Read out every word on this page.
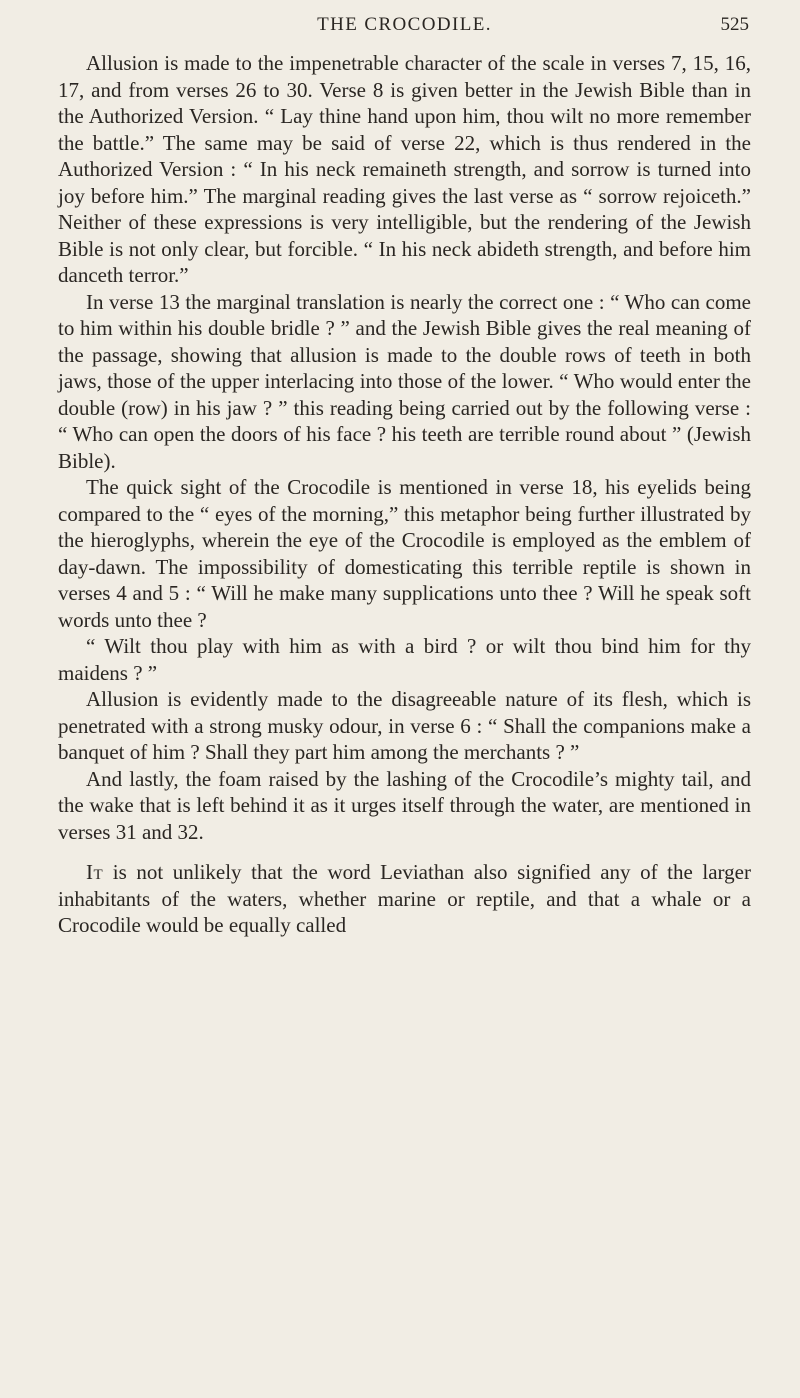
THE CROCODILE.	525

Allusion is made to the impenetrable character of the scale in verses 7, 15, 16, 17, and from verses 26 to 30. Verse 8 is given better in the Jewish Bible than in the Authorized Version. “ Lay thine hand upon him, thou wilt no more remember the battle.” The same may be said of verse 22, which is thus rendered in the Authorized Version : “ In his neck remaineth strength, and sorrow is turned into joy before him.” The marginal reading gives the last verse as “ sorrow rejoiceth.” Neither of these expressions is very intelligible, but the rendering of the Jewish Bible is not only clear, but forcible. “ In his neck abideth strength, and before him danceth terror.”

In verse 13 the marginal translation is nearly the correct one : “ Who can come to him within his double bridle ? ” and the Jewish Bible gives the real meaning of the passage, showing that allusion is made to the double rows of teeth in both jaws, those of the upper interlacing into those of the lower. “ Who would enter the double (row) in his jaw ? ” this reading being carried out by the following verse : “ Who can open the doors of his face ? his teeth are terrible round about ” (Jewish Bible).

The quick sight of the Crocodile is mentioned in verse 18, his eyelids being compared to the “ eyes of the morning,” this metaphor being further illustrated by the hieroglyphs, wherein the eye of the Crocodile is employed as the emblem of day-dawn. The impossibility of domesticating this terrible reptile is shown in verses 4 and 5 : “ Will he make many supplications unto thee ? Will he speak soft words unto thee ?

“ Wilt thou play with him as with a bird ? or wilt thou bind him for thy maidens ? ”

Allusion is evidently made to the disagreeable nature of its flesh, which is penetrated with a strong musky odour, in verse 6 : “ Shall the companions make a banquet of him ? Shall they part him among the merchants ? ”

And lastly, the foam raised by the lashing of the Crocodile’s mighty tail, and the wake that is left behind it as it urges itself through the water, are mentioned in verses 31 and 32.

It is not unlikely that the word Leviathan also signified any of the larger inhabitants of the waters, whether marine or reptile, and that a whale or a Crocodile would be equally called
